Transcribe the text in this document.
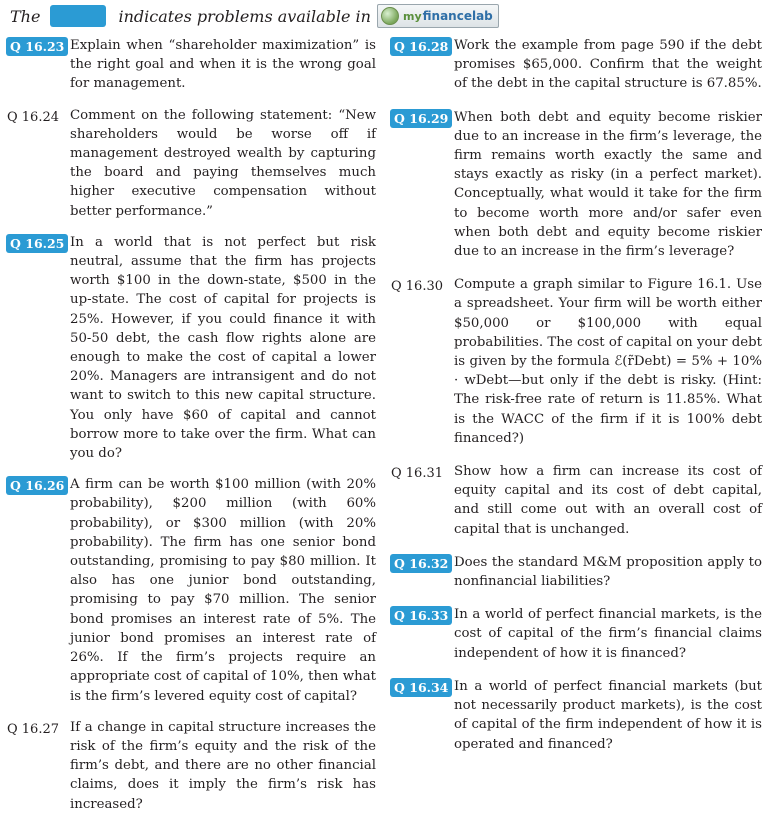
The	indicates problems available in	my financelab
Q 16.23 Explain when “shareholder maximization” is the right goal and when it is the wrong goal for management.
Q 16.24 Comment on the following statement: “New shareholders would be worse off if management destroyed wealth by capturing the board and paying themselves much higher executive compensation without better performance.”
Q 16.25 In a world that is not perfect but risk neutral, assume that the firm has projects worth $100 in the down-state, $500 in the up-state. The cost of capital for projects is 25%. However, if you could finance it with 50-50 debt, the cash flow rights alone are enough to make the cost of capital a lower 20%. Managers are intransigent and do not want to switch to this new capital structure. You only have $60 of capital and cannot borrow more to take over the firm. What can you do?
Q 16.26 A firm can be worth $100 million (with 20% probability), $200 million (with 60% probability), or $300 million (with 20% probability). The firm has one senior bond outstanding, promising to pay $80 million. It also has one junior bond outstanding, promising to pay $70 million. The senior bond promises an interest rate of 5%. The junior bond promises an interest rate of 26%. If the firm’s projects require an appropriate cost of capital of 10%, then what is the firm’s levered equity cost of capital?
Q 16.27 If a change in capital structure increases the risk of the firm’s equity and the risk of the firm’s debt, and there are no other financial claims, does it imply the firm’s risk has increased?
Q 16.28 Work the example from page 590 if the debt promises $65,000. Confirm that the weight of the debt in the capital structure is 67.85%.
Q 16.29 When both debt and equity become riskier due to an increase in the firm’s leverage, the firm remains worth exactly the same and stays exactly as risky (in a perfect market). Conceptually, what would it take for the firm to become worth more and/or safer even when both debt and equity become riskier due to an increase in the firm’s leverage?
Q 16.30 Compute a graph similar to Figure 16.1. Use a spreadsheet. Your firm will be worth either $50,000 or $100,000 with equal probabilities. The cost of capital on your debt is given by the formula ℰ(r̃Debt) = 5% + 10% · wDebt—but only if the debt is risky. (Hint: The risk-free rate of return is 11.85%. What is the WACC of the firm if it is 100% debt financed?)
Q 16.31 Show how a firm can increase its cost of equity capital and its cost of debt capital, and still come out with an overall cost of capital that is unchanged.
Q 16.32 Does the standard M&M proposition apply to nonfinancial liabilities?
Q 16.33 In a world of perfect financial markets, is the cost of capital of the firm’s financial claims independent of how it is financed?
Q 16.34 In a world of perfect financial markets (but not necessarily product markets), is the cost of capital of the firm independent of how it is operated and financed?
